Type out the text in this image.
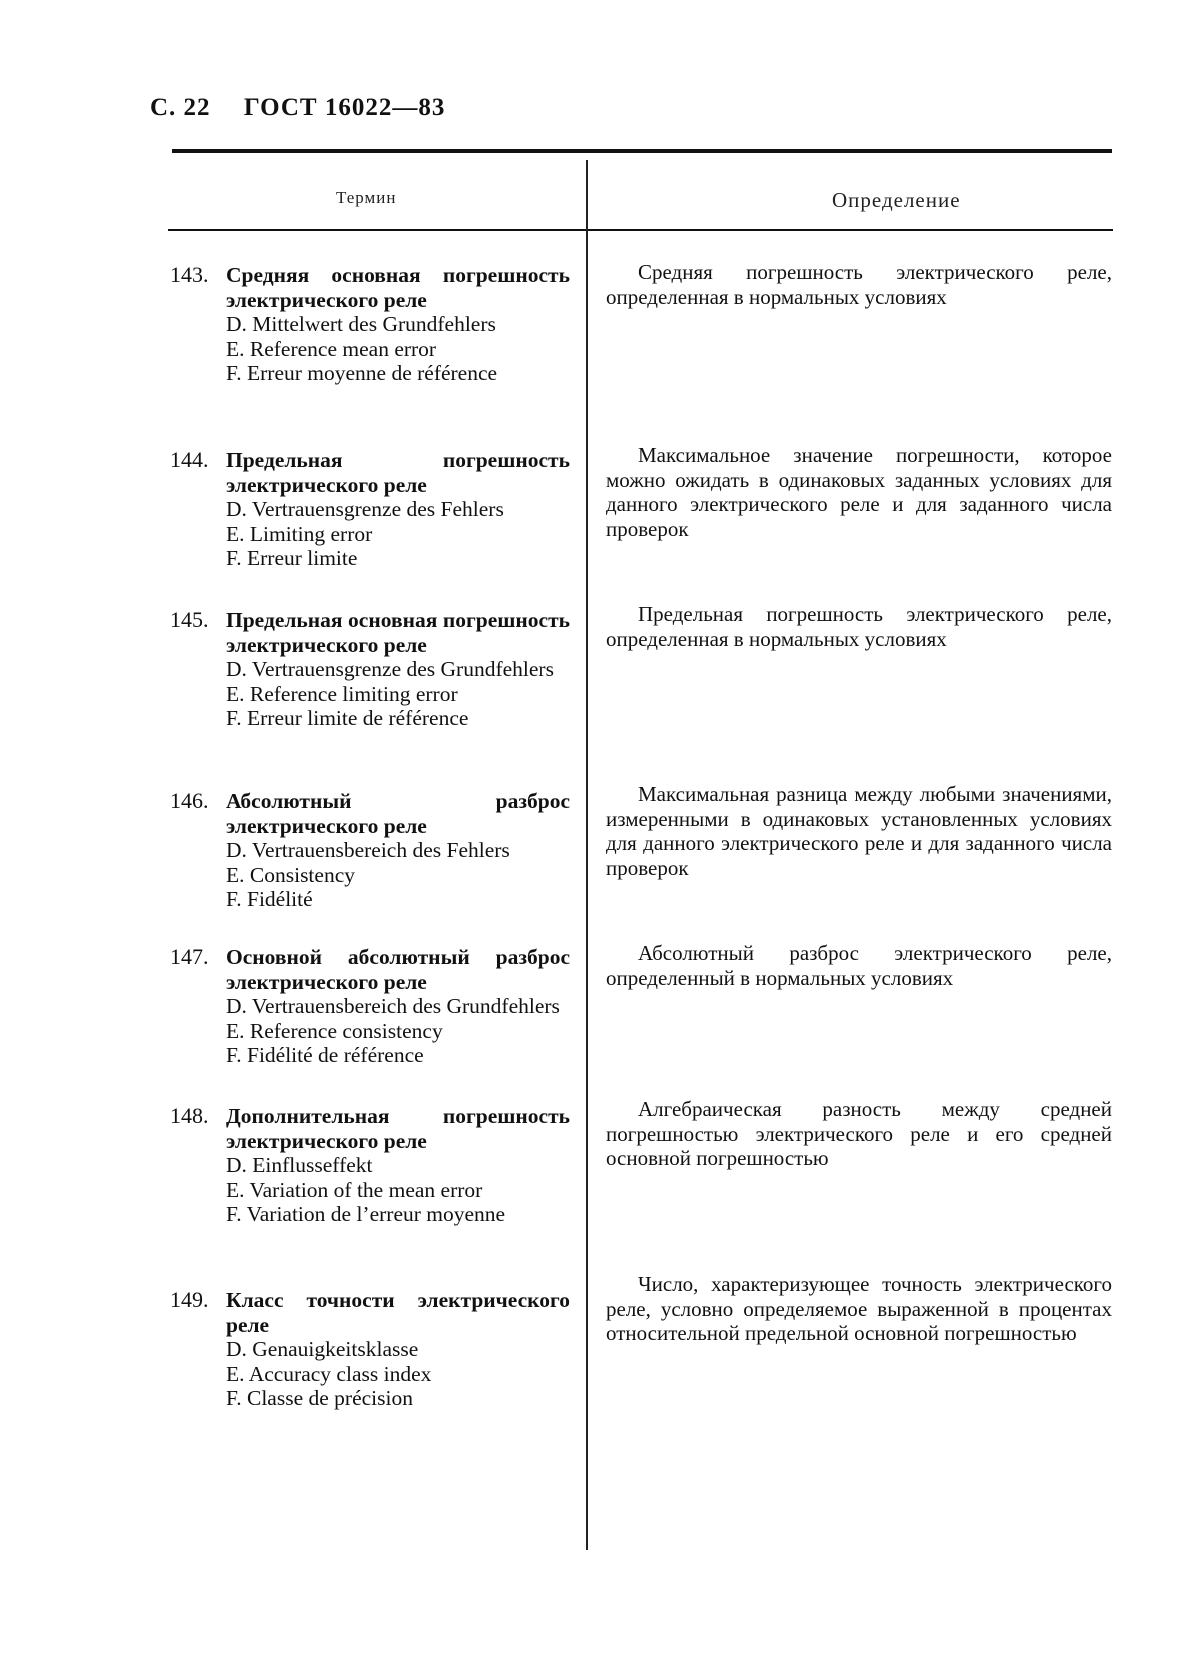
С. 22 ГОСТ 16022—83
Термин	Определение
143. Средняя основная погрешность электрического реле
D. Mittelwert des Grundfehlers
E. Reference mean error
F. Erreur moyenne de référence
Средняя погрешность электрического реле, определенная в нормальных условиях
144. Предельная погрешность электрического реле
D. Vertrauensgrenze des Fehlers
E. Limiting error
F. Erreur limite
Максимальное значение погрешности, которое можно ожидать в одинаковых заданных условиях для данного электрического реле и для заданного числа проверок
145. Предельная основная погрешность электрического реле
D. Vertrauensgrenze des Grundfehlers
E. Reference limiting error
F. Erreur limite de référence
Предельная погрешность электрического реле, определенная в нормальных условиях
146. Абсолютный разброс электрического реле
D. Vertrauensbereich des Fehlers
E. Consistency
F. Fidélité
Максимальная разница между любыми значениями, измеренными в одинаковых установленных условиях для данного электрического реле и для заданного числа проверок
147. Основной абсолютный разброс электрического реле
D. Vertrauensbereich des Grundfehlers
E. Reference consistency
F. Fidélité de référence
Абсолютный разброс электрического реле, определенный в нормальных условиях
148. Дополнительная погрешность электрического реле
D. Einflusseffekt
E. Variation of the mean error
F. Variation de l’erreur moyenne
Алгебраическая разность между средней погрешностью электрического реле и его средней основной погрешностью
149. Класс точности электрического реле
D. Genauigkeitsklasse
E. Accuracy class index
F. Classe de précision
Число, характеризующее точность электрического реле, условно определяемое выраженной в процентах относительной предельной основной погрешностью
